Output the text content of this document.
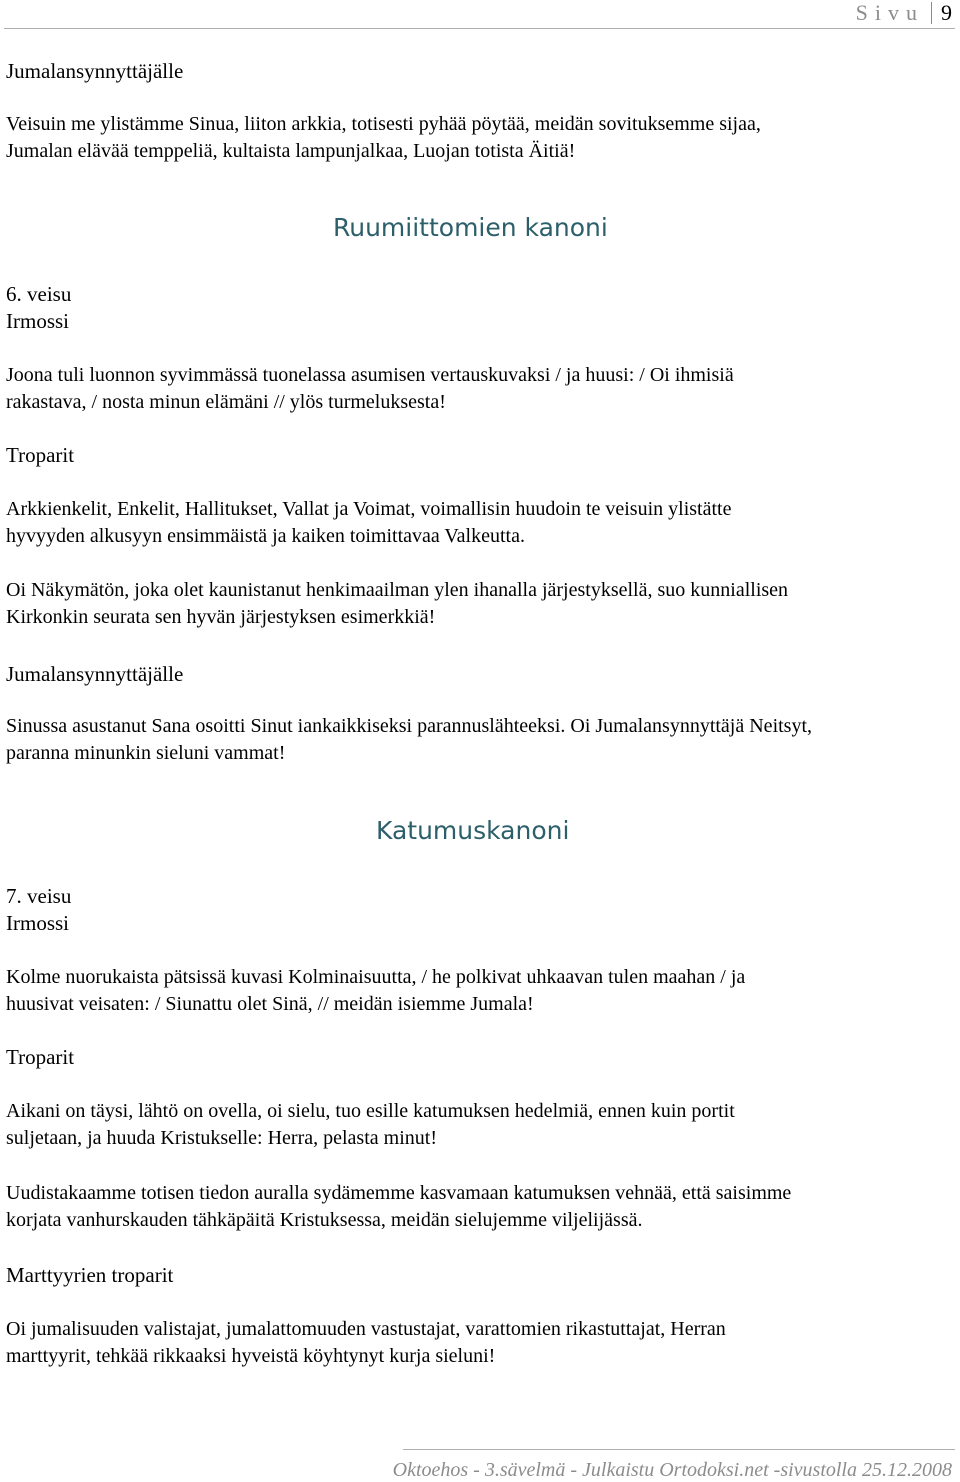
Sivu 9
Jumalansynnyttäjälle
Veisuin me ylistämme Sinua, liiton arkkia, totisesti pyhää pöytää, meidän sovituksemme sijaa,
Jumalan elävää temppeliä, kultaista lampunjalkaa, Luojan totista Äitiä!
Ruumiittomien kanoni
6. veisu
Irmossi
Joona tuli luonnon syvimmässä tuonelassa asumisen vertauskuvaksi / ja huusi: / Oi ihmisiä
rakastava, / nosta minun elämäni // ylös turmeluksesta!
Troparit
Arkkienkelit, Enkelit, Hallitukset, Vallat ja Voimat, voimallisin huudoin te veisuin ylistätte
hyvyyden alkusyyn ensimmäistä ja kaiken toimittavaa Valkeutta.
Oi Näkymätön, joka olet kaunistanut henkimaailman ylen ihanalla järjestyksellä, suo kunniallisen
Kirkonkin seurata sen hyvän järjestyksen esimerkkiä!
Jumalansynnyttäjälle
Sinussa asustanut Sana osoitti Sinut iankaikkiseksi parannuslähteeksi. Oi Jumalansynnyttäjä Neitsyt,
paranna minunkin sieluni vammat!
Katumuskanoni
7. veisu
Irmossi
Kolme nuorukaista pätsissä kuvasi Kolminaisuutta, / he polkivat uhkaavan tulen maahan / ja
huusivat veisaten: / Siunattu olet Sinä, // meidän isiemme Jumala!
Troparit
Aikani on täysi, lähtö on ovella, oi sielu, tuo esille katumuksen hedelmiä, ennen kuin portit
suljetaan, ja huuda Kristukselle: Herra, pelasta minut!
Uudistakaamme totisen tiedon auralla sydämemme kasvamaan katumuksen vehnää, että saisimme
korjata vanhurskauden tähkäpäitä Kristuksessa, meidän sielujemme viljelijässä.
Marttyyrien troparit
Oi jumalisuuden valistajat, jumalattomuuden vastustajat, varattomien rikastuttajat, Herran
marttyyrit, tehkää rikkaaksi hyveistä köyhtynyt kurja sieluni!
Oktoehos - 3.sävelmä - Julkaistu Ortodoksi.net -sivustolla 25.12.2008
